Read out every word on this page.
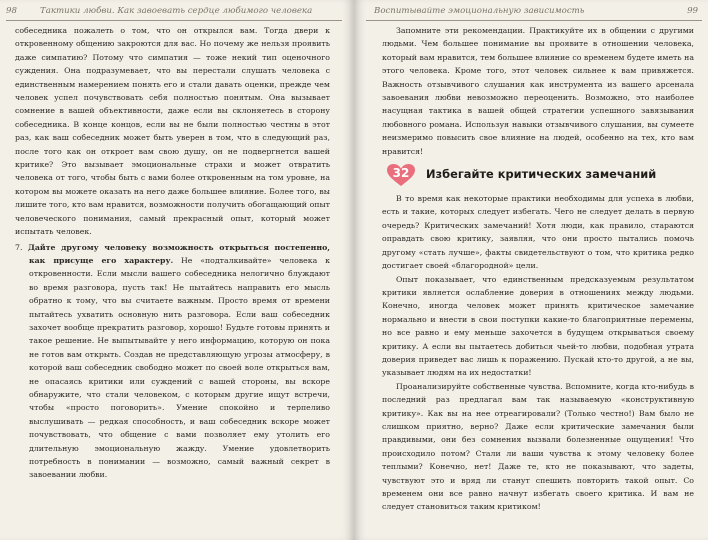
98	Тактики любви. Как завоевать сердце любимого человека

собеседника пожалеть о том, что он открылся вам. Тогда двери к откровенному общению закроются для вас. Но почему же нельзя проявить даже симпатию? Потому что симпатия — тоже некий тип оценочного суждения. Она подразумевает, что вы перестали слушать человека с единственным намерением понять его и стали давать оценки, прежде чем человек успел почувствовать себя полностью понятым. Она вызывает сомнение в вашей объективности, даже если вы склоняетесь в сторону собеседника. В конце концов, если вы не были полностью честны в этот раз, как ваш собеседник может быть уверен в том, что в следующий раз, после того как он откроет вам свою душу, он не подвергнется вашей критике? Это вызывает эмоциональные страхи и может отвратить человека от того, чтобы быть с вами более откровенным на том уровне, на котором вы можете оказать на него даже большее влияние. Более того, вы лишите того, кто вам нравится, возможности получить обогащающий опыт человеческого понимания, самый прекрасный опыт, который может испытать человек.

7. Дайте другому человеку возможность открыться постепенно, как присуще его характеру. Не «подталкивайте» человека к откровенности. Если мысли вашего собеседника нелогично блуждают во время разговора, пусть так! Не пытайтесь направить его мысль обратно к тому, что вы считаете важным. Просто время от времени пытайтесь ухватить основную нить разговора. Если ваш собеседник захочет вообще прекратить разговор, хорошо! Будьте готовы принять и такое решение. Не выпытывайте у него информацию, которую он пока не готов вам открыть. Создав не представляющую угрозы атмосферу, в которой ваш собеседник свободно может по своей воле открыться вам, не опасаясь критики или суждений с вашей стороны, вы вскоре обнаружите, что стали человеком, с которым другие ищут встречи, чтобы «просто поговорить». Умение спокойно и терпеливо выслушивать — редкая способность, и ваш собеседник вскоре может почувствовать, что общение с вами позволяет ему утолить его длительную эмоциональную жажду. Умение удовлетворить потребность в понимании — возможно, самый важный секрет в завоевании любви.

Воспитывайте эмоциональную зависимость	99

Запомните эти рекомендации. Практикуйте их в общении с другими людьми. Чем большее понимание вы проявите в отношении человека, который вам нравится, тем большее влияние со временем будете иметь на этого человека. Кроме того, этот человек сильнее к вам привяжется. Важность отзывчивого слушания как инструмента из вашего арсенала завоевания любви невозможно переоценить. Возможно, это наиболее насущная тактика в вашей общей стратегии успешного завязывания любовного романа. Используя навыки отзывчивого слушания, вы сумеете неизмеримо повысить свое влияние на людей, особенно на тех, кто вам нравится!

32	Избегайте критических замечаний

В то время как некоторые практики необходимы для успеха в любви, есть и такие, которых следует избегать. Чего не следует делать в первую очередь? Критических замечаний! Хотя люди, как правило, стараются оправдать свою критику, заявляя, что они просто пытались помочь другому «стать лучше», факты свидетельствуют о том, что критика редко достигает своей «благородной» цели.

Опыт показывает, что единственным предсказуемым результатом критики является ослабление доверия в отношениях между людьми. Конечно, иногда человек может принять критическое замечание нормально и внести в свои поступки какие-то благоприятные перемены, но все равно и ему меньше захочется в будущем открываться своему критику. А если вы пытаетесь добиться чьей-то любви, подобная утрата доверия приведет вас лишь к поражению. Пускай кто-то другой, а не вы, указывает людям на их недостатки!

Проанализируйте собственные чувства. Вспомните, когда кто-нибудь в последний раз предлагал вам так называемую «конструктивную критику». Как вы на нее отреагировали? (Только честно!) Вам было не слишком приятно, верно? Даже если критические замечания были правдивыми, они без сомнения вызвали болезненные ощущения! Что происходило потом? Стали ли ваши чувства к этому человеку более теплыми? Конечно, нет! Даже те, кто не показывают, что задеты, чувствуют это и вряд ли станут спешить повторить такой опыт. Со временем они все равно начнут избегать своего критика. И вам не следует становиться таким критиком!
